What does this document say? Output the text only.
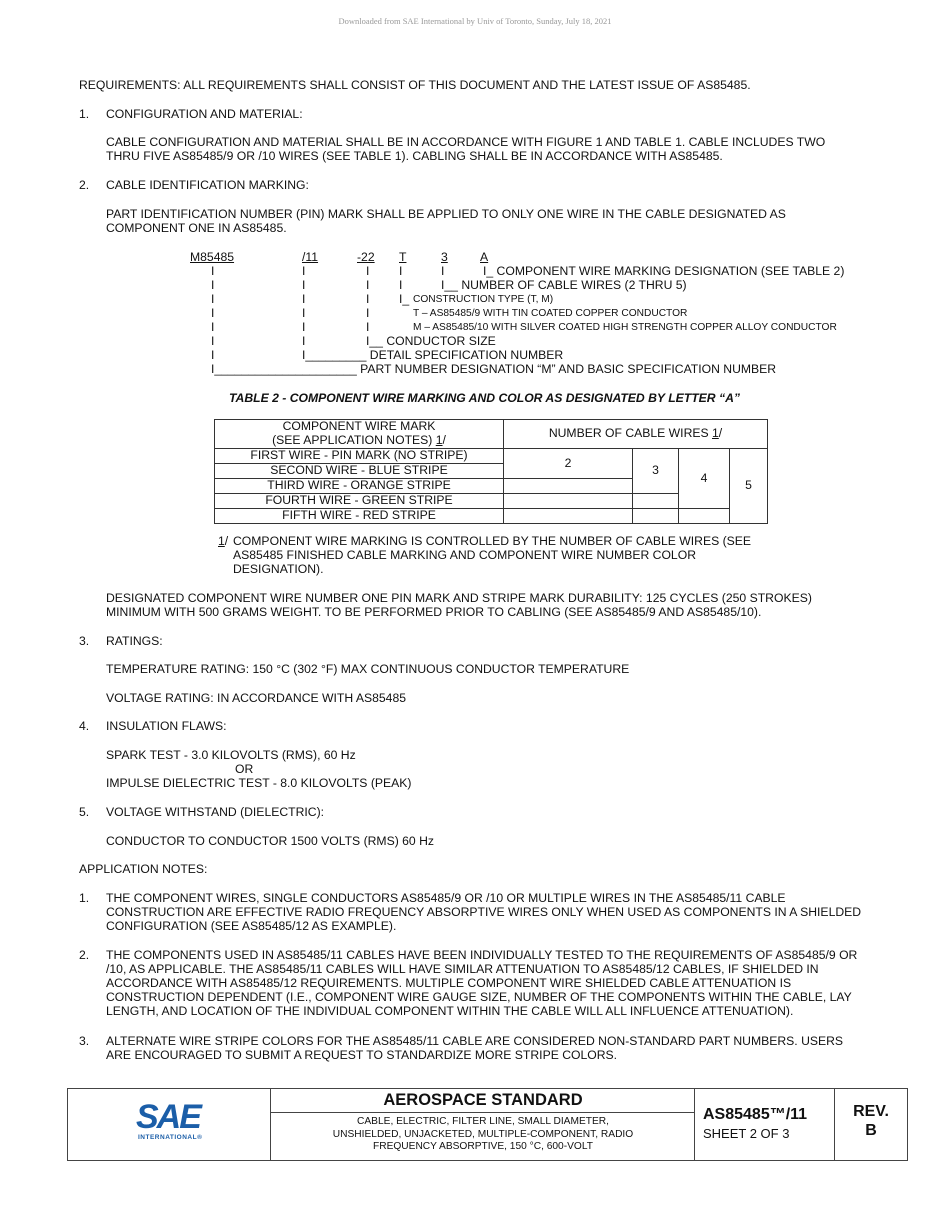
Downloaded from SAE International by Univ of Toronto, Sunday, July 18, 2021
REQUIREMENTS: ALL REQUIREMENTS SHALL CONSIST OF THIS DOCUMENT AND THE LATEST ISSUE OF AS85485.
1. CONFIGURATION AND MATERIAL:
CABLE CONFIGURATION AND MATERIAL SHALL BE IN ACCORDANCE WITH FIGURE 1 AND TABLE 1. CABLE INCLUDES TWO
THRU FIVE AS85485/9 OR /10 WIRES (SEE TABLE 1). CABLING SHALL BE IN ACCORDANCE WITH AS85485.
2. CABLE IDENTIFICATION MARKING:
PART IDENTIFICATION NUMBER (PIN) MARK SHALL BE APPLIED TO ONLY ONE WIRE IN THE CABLE DESIGNATED AS
COMPONENT ONE IN AS85485.
M85485	/11	-22 T	3	A
I	I	I I	I	I_ COMPONENT WIRE MARKING DESIGNATION (SEE TABLE 2)
I	I	I I	I__ NUMBER OF CABLE WIRES (2 THRU 5)
I	I	I I_ CONSTRUCTION TYPE (T, M)
I	I	I	T – AS85485/9 WITH TIN COATED COPPER CONDUCTOR
I	I	I	M – AS85485/10 WITH SILVER COATED HIGH STRENGTH COPPER ALLOY CONDUCTOR
I	I	I__ CONDUCTOR SIZE
I	I_________ DETAIL SPECIFICATION NUMBER
I_____________________ PART NUMBER DESIGNATION “M” AND BASIC SPECIFICATION NUMBER
TABLE 2 - COMPONENT WIRE MARKING AND COLOR AS DESIGNATED BY LETTER “A”
COMPONENT WIRE MARK
(SEE APPLICATION NOTES) 1/	NUMBER OF CABLE WIRES 1/			
FIRST WIRE - PIN MARK (NO STRIPE)	2	3	4	5
SECOND WIRE - BLUE STRIPE				
THIRD WIRE - ORANGE STRIPE				
FOURTH WIRE - GREEN STRIPE				
FIFTH WIRE - RED STRIPE				
1/ COMPONENT WIRE MARKING IS CONTROLLED BY THE NUMBER OF CABLE WIRES (SEE
AS85485 FINISHED CABLE MARKING AND COMPONENT WIRE NUMBER COLOR
DESIGNATION).
DESIGNATED COMPONENT WIRE NUMBER ONE PIN MARK AND STRIPE MARK DURABILITY: 125 CYCLES (250 STROKES)
MINIMUM WITH 500 GRAMS WEIGHT. TO BE PERFORMED PRIOR TO CABLING (SEE AS85485/9 AND AS85485/10).
3. RATINGS:
TEMPERATURE RATING: 150 °C (302 °F) MAX CONTINUOUS CONDUCTOR TEMPERATURE
VOLTAGE RATING: IN ACCORDANCE WITH AS85485
4. INSULATION FLAWS:
SPARK TEST - 3.0 KILOVOLTS (RMS), 60 Hz
OR
IMPULSE DIELECTRIC TEST - 8.0 KILOVOLTS (PEAK)
5. VOLTAGE WITHSTAND (DIELECTRIC):
CONDUCTOR TO CONDUCTOR 1500 VOLTS (RMS) 60 Hz
APPLICATION NOTES:
1. THE COMPONENT WIRES, SINGLE CONDUCTORS AS85485/9 OR /10 OR MULTIPLE WIRES IN THE AS85485/11 CABLE
CONSTRUCTION ARE EFFECTIVE RADIO FREQUENCY ABSORPTIVE WIRES ONLY WHEN USED AS COMPONENTS IN A SHIELDED
CONFIGURATION (SEE AS85485/12 AS EXAMPLE).
2. THE COMPONENTS USED IN AS85485/11 CABLES HAVE BEEN INDIVIDUALLY TESTED TO THE REQUIREMENTS OF AS85485/9 OR
/10, AS APPLICABLE. THE AS85485/11 CABLES WILL HAVE SIMILAR ATTENUATION TO AS85485/12 CABLES, IF SHIELDED IN
ACCORDANCE WITH AS85485/12 REQUIREMENTS. MULTIPLE COMPONENT WIRE SHIELDED CABLE ATTENUATION IS
CONSTRUCTION DEPENDENT (I.E., COMPONENT WIRE GAUGE SIZE, NUMBER OF THE COMPONENTS WITHIN THE CABLE, LAY
LENGTH, AND LOCATION OF THE INDIVIDUAL COMPONENT WITHIN THE CABLE WILL ALL INFLUENCE ATTENUATION).
3. ALTERNATE WIRE STRIPE COLORS FOR THE AS85485/11 CABLE ARE CONSIDERED NON-STANDARD PART NUMBERS. USERS
ARE ENCOURAGED TO SUBMIT A REQUEST TO STANDARDIZE MORE STRIPE COLORS.
SAE
INTERNATIONAL®
AEROSPACE STANDARD
CABLE, ELECTRIC, FILTER LINE, SMALL DIAMETER,
UNSHIELDED, UNJACKETED, MULTIPLE-COMPONENT, RADIO
FREQUENCY ABSORPTIVE, 150 °C, 600-VOLT
AS85485™/11
SHEET 2 OF 3
REV.
B
